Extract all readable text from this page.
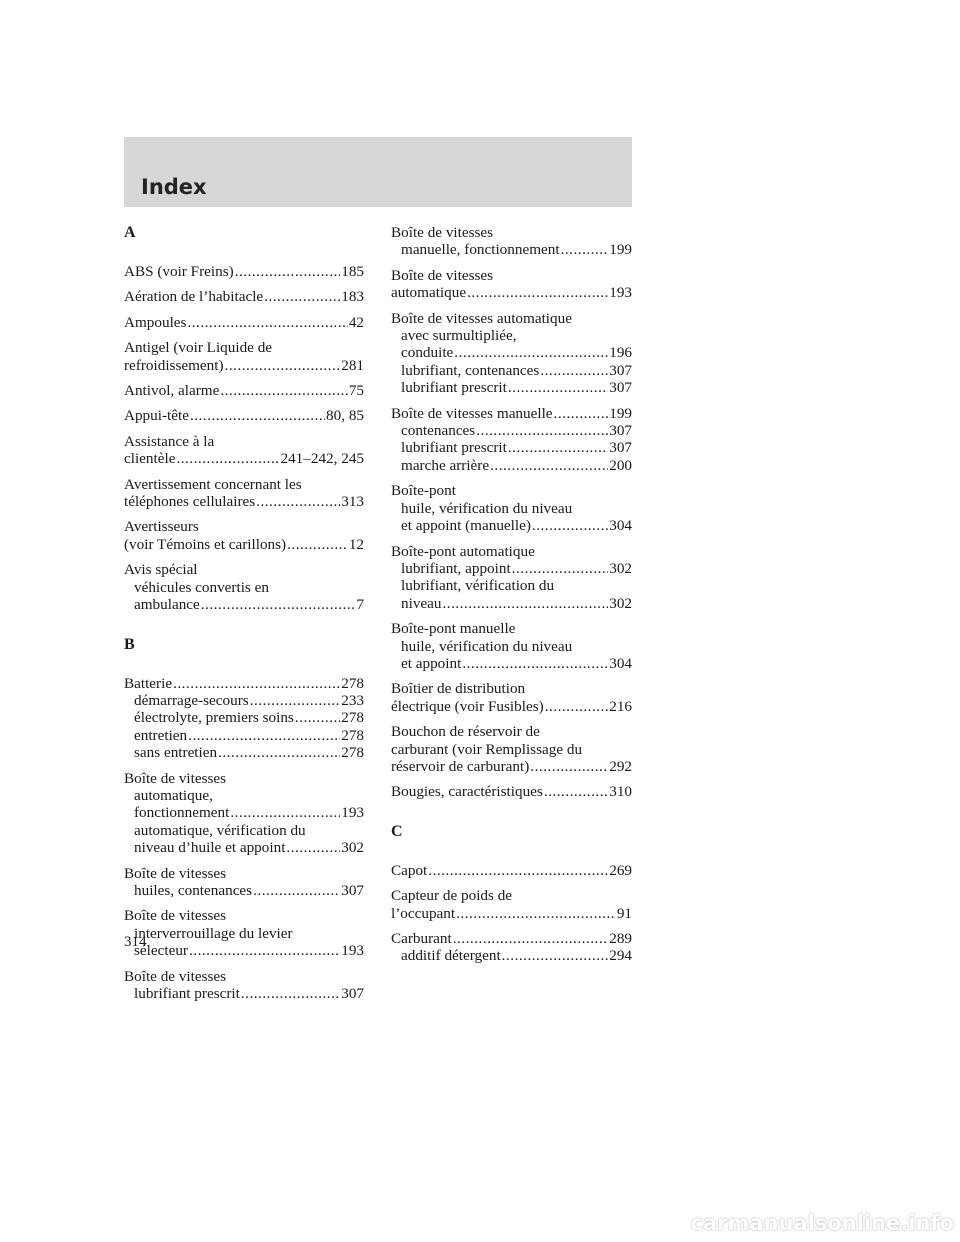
Index
A
ABS (voir Freins) .....	185
Aération de l’habitacle .....	183
Ampoules .....	42
Antigel (voir Liquide de
refroidissement) .....	281
Antivol, alarme .....	75
Appui-tête .....	80, 85
Assistance à la
clientèle .....	241–242, 245
Avertissement concernant les
téléphones cellulaires .....	313
Avertisseurs
(voir Témoins et carillons) .....	12
Avis spécial
véhicules convertis en
ambulance .....	7
B
Batterie .....	278
démarrage-secours .....	233
électrolyte, premiers soins .....	278
entretien .....	278
sans entretien .....	278
Boîte de vitesses
automatique,
fonctionnement .....	193
automatique, vérification du
niveau d’huile et appoint .....	302
Boîte de vitesses
huiles, contenances .....	307
Boîte de vitesses
interverrouillage du levier
sélecteur .....	193
Boîte de vitesses
lubrifiant prescrit .....	307
Boîte de vitesses
manuelle, fonctionnement .....	199
Boîte de vitesses
automatique .....	193
Boîte de vitesses automatique
avec surmultipliée,
conduite .....	196
lubrifiant, contenances .....	307
lubrifiant prescrit .....	307
Boîte de vitesses manuelle .....	199
contenances .....	307
lubrifiant prescrit .....	307
marche arrière .....	200
Boîte-pont
huile, vérification du niveau
et appoint (manuelle) .....	304
Boîte-pont automatique
lubrifiant, appoint .....	302
lubrifiant, vérification du
niveau .....	302
Boîte-pont manuelle
huile, vérification du niveau
et appoint .....	304
Boîtier de distribution
électrique (voir Fusibles) .....	216
Bouchon de réservoir de
carburant (voir Remplissage du
réservoir de carburant) .....	292
Bougies, caractéristiques .....	310
C
Capot .....	269
Capteur de poids de
l’occupant .....	91
Carburant .....	289
additif détergent .....	294
314
carmanualsonline.info
